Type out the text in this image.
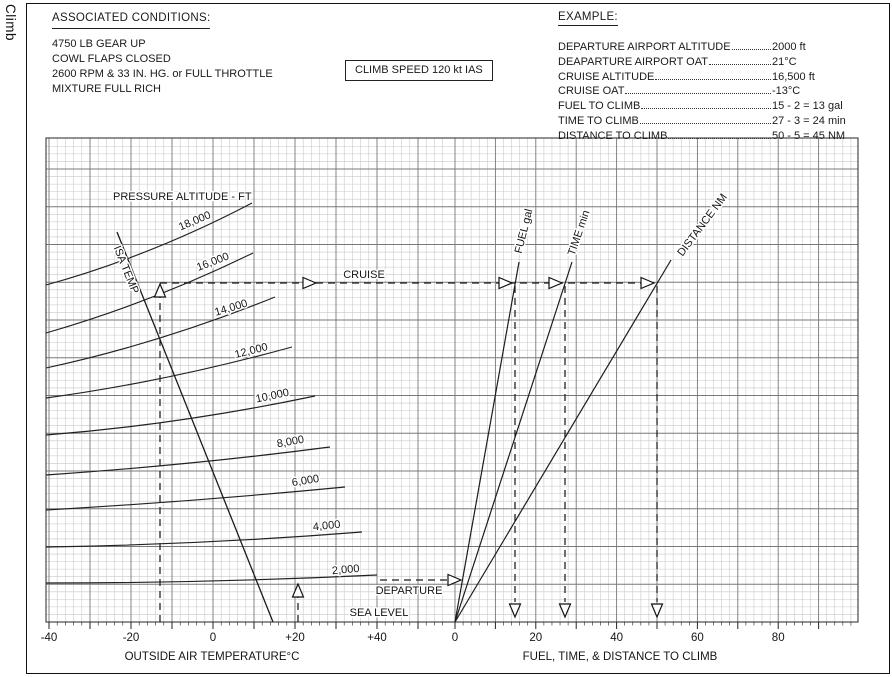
Climb
-40	-20	0	+20	+40
OUTSIDE AIR TEMPERATURE°C
0	20	40	60	80
FUEL, TIME, & DISTANCE TO CLIMB
18,000
16,000
14,000
12,000
10,000
8,000
6,000
4,000
2,000
ISA TEMP
FUEL gal	TIME min	DISTANCE NM
PRESSURE ALTITUDE - FT
CRUISE
DEPARTURE
SEA LEVEL
ASSOCIATED CONDITIONS:
4750 LB GEAR UP
COWL FLAPS CLOSED
2600 RPM & 33 IN. HG. or FULL THROTTLE
MIXTURE FULL RICH
CLIMB SPEED 120 kt IAS
EXAMPLE:
DEPARTURE AIRPORT ALTITUDE	2000 ft
DEAPARTURE AIRPORT OAT	21°C
CRUISE ALTITUDE	16,500 ft
CRUISE OAT	-13°C
FUEL TO CLIMB	15 - 2 = 13 gal
TIME TO CLIMB	27 - 3 = 24 min
DISTANCE TO CLIMB	50 - 5 = 45 NM
